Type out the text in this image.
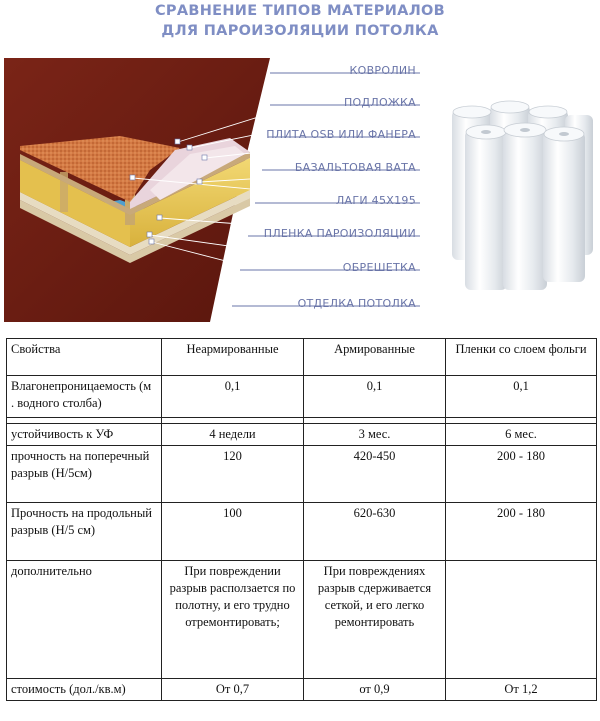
СРАВНЕНИЕ ТИПОВ МАТЕРИАЛОВ
ДЛЯ ПАРОИЗОЛЯЦИИ ПОТОЛКА
КОВРОЛИН
ПОДЛОЖКА
ПЛИТА OSB ИЛИ ФАНЕРА
БАЗАЛЬТОВАЯ ВАТА
ЛАГИ 45Х195
ПЛЕНКА ПАРОИЗОЛЯЦИИ
ОБРЕШЕТКА
ОТДЕЛКА ПОТОЛКА
Свойства	Неармированные	Армированные	Пленки со слоем фольги
Влагонепроницаемость (м . водного столба)	0,1	0,1	0,1

устойчивость к УФ	4 недели	3 мес.	6 мес.
прочность на поперечный разрыв (Н/5см)	120	420-450	200 - 180
Прочность на продольный разрыв (Н/5 см)	100	620-630	200 - 180
дополнительно	При повреждении разрыв расползается по полотну, и его трудно отремонтировать;	При повреждениях разрыв сдерживается сеткой, и его легко ремонтировать	
стоимость (дол./кв.м)	От 0,7	от 0,9	От 1,2
